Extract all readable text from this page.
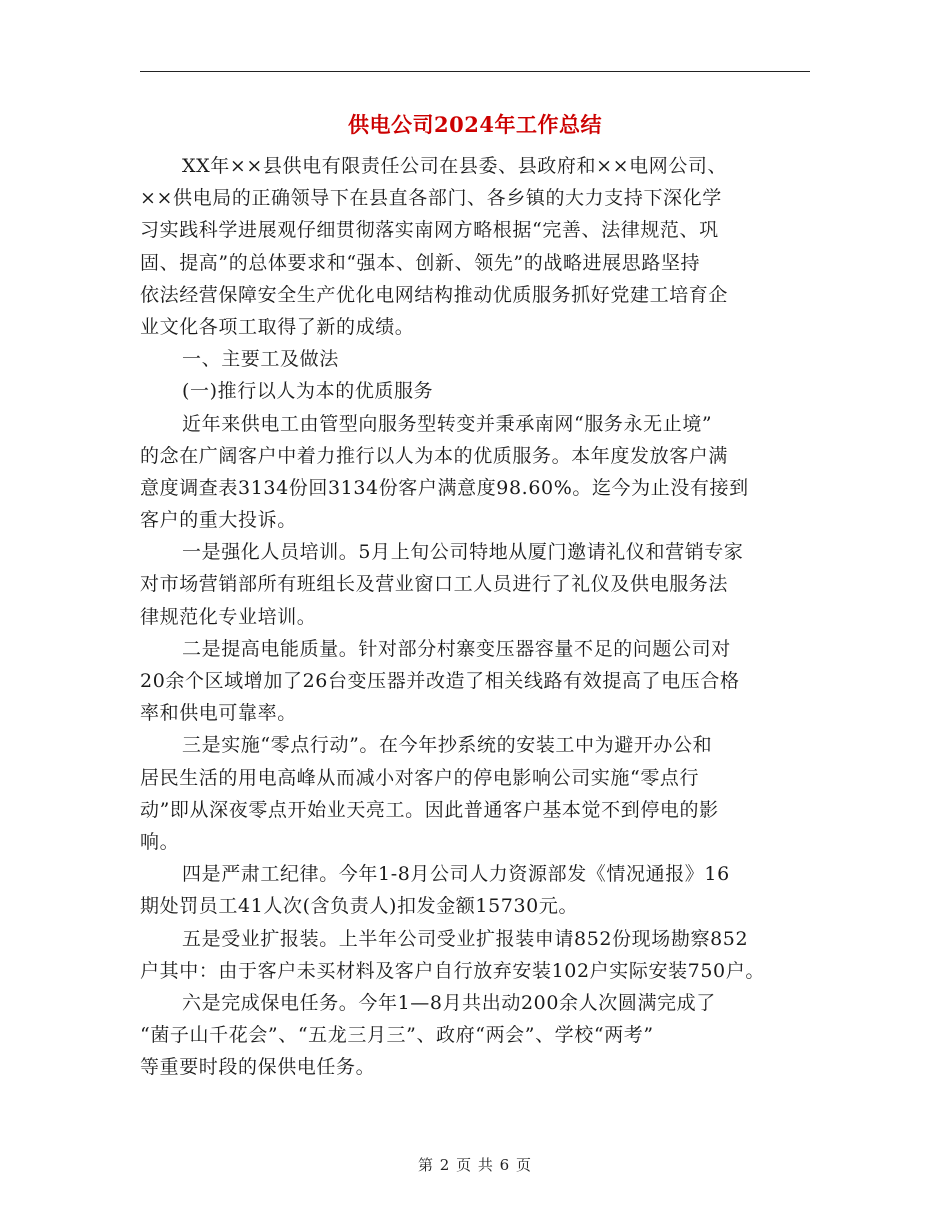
供电公司2024年工作总结
XX年××县供电有限责任公司在县委、县政府和××电网公司、
××供电局的正确领导下在县直各部门、各乡镇的大力支持下深化学
习实践科学进展观仔细贯彻落实南网方略根据“完善、法律规范、巩
固、提高”的总体要求和“强本、创新、领先”的战略进展思路坚持
依法经营保障安全生产优化电网结构推动优质服务抓好党建工培育企
业文化各项工取得了新的成绩。
一、主要工及做法
(一)推行以人为本的优质服务
近年来供电工由管型向服务型转变并秉承南网“服务永无止境”
的念在广阔客户中着力推行以人为本的优质服务。本年度发放客户满
意度调查表3134份回3134份客户满意度98.60%。迄今为止没有接到
客户的重大投诉。
一是强化人员培训。5月上旬公司特地从厦门邀请礼仪和营销专家
对市场营销部所有班组长及营业窗口工人员进行了礼仪及供电服务法
律规范化专业培训。
二是提高电能质量。针对部分村寨变压器容量不足的问题公司对
20余个区域增加了26台变压器并改造了相关线路有效提高了电压合格
率和供电可靠率。
三是实施“零点行动”。在今年抄系统的安装工中为避开办公和
居民生活的用电高峰从而减小对客户的停电影响公司实施“零点行
动”即从深夜零点开始业天亮工。因此普通客户基本觉不到停电的影
响。
四是严肃工纪律。今年1-8月公司人力资源部发《情况通报》16
期处罚员工41人次(含负责人)扣发金额15730元。
五是受业扩报装。上半年公司受业扩报装申请852份现场勘察852
户其中：由于客户未买材料及客户自行放弃安装102户实际安装750户。
六是完成保电任务。今年1—8月共出动200余人次圆满完成了
“菌子山千花会”、“五龙三月三”、政府“两会”、学校“两考”
等重要时段的保供电任务。
第 2 页 共 6 页
